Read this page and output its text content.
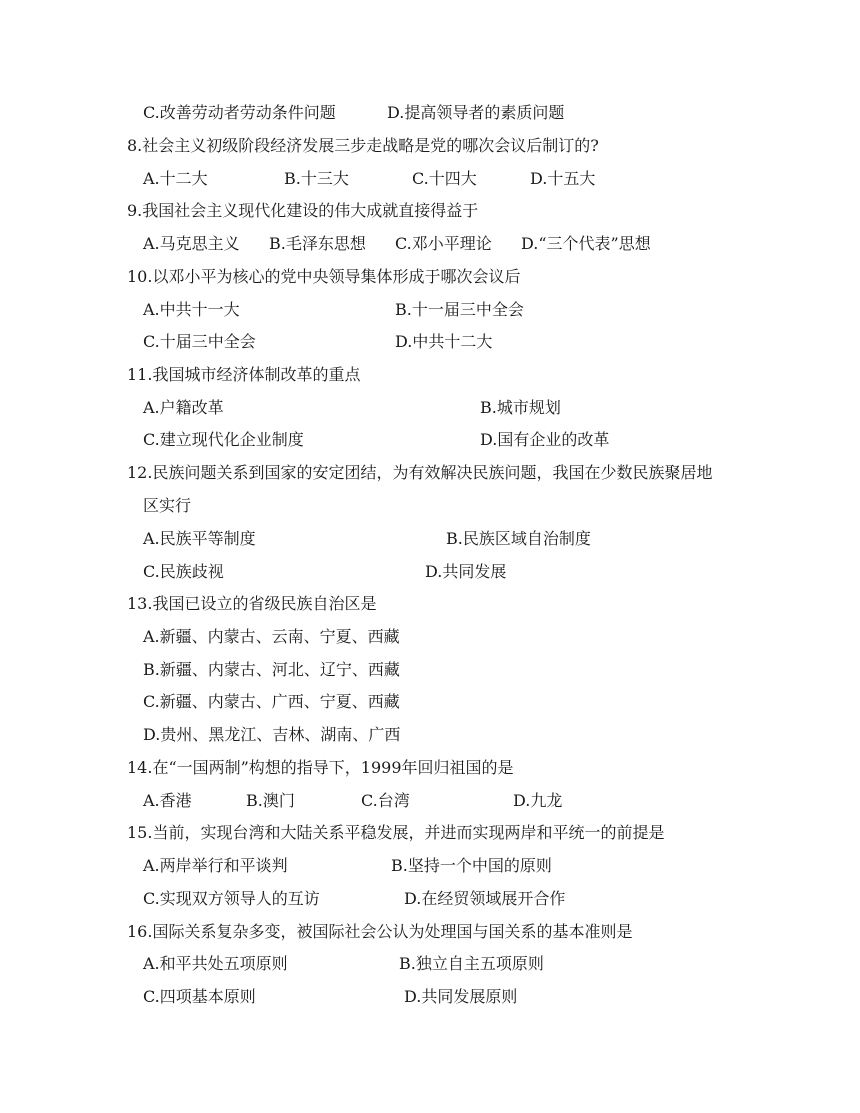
C.改善劳动者劳动条件问题	D.提高领导者的素质问题
8.社会主义初级阶段经济发展三步走战略是党的哪次会议后制订的?
A.十二大	B.十三大	C.十四大	D.十五大
9.我国社会主义现代化建设的伟大成就直接得益于
A.马克思主义 B.毛泽东思想 C.邓小平理论 D.“三个代表”思想
10.以邓小平为核心的党中央领导集体形成于哪次会议后
A.中共十一大	B.十一届三中全会
C.十届三中全会	D.中共十二大
11.我国城市经济体制改革的重点
A.户籍改革	B.城市规划
C.建立现代化企业制度	D.国有企业的改革
12.民族问题关系到国家的安定团结，为有效解决民族问题，我国在少数民族聚居地
区实行
A.民族平等制度	B.民族区域自治制度
C.民族歧视	D.共同发展
13.我国已设立的省级民族自治区是
A.新疆、内蒙古、云南、宁夏、西藏
B.新疆、内蒙古、河北、辽宁、西藏
C.新疆、内蒙古、广西、宁夏、西藏
D.贵州、黑龙江、吉林、湖南、广西
14.在“一国两制”构想的指导下，1999年回归祖国的是
A.香港	B.澳门	C.台湾	D.九龙
15.当前，实现台湾和大陆关系平稳发展，并进而实现两岸和平统一的前提是
A.两岸举行和平谈判	B.坚持一个中国的原则
C.实现双方领导人的互访	D.在经贸领域展开合作
16.国际关系复杂多变，被国际社会公认为处理国与国关系的基本准则是
A.和平共处五项原则	B.独立自主五项原则
C.四项基本原则	D.共同发展原则
